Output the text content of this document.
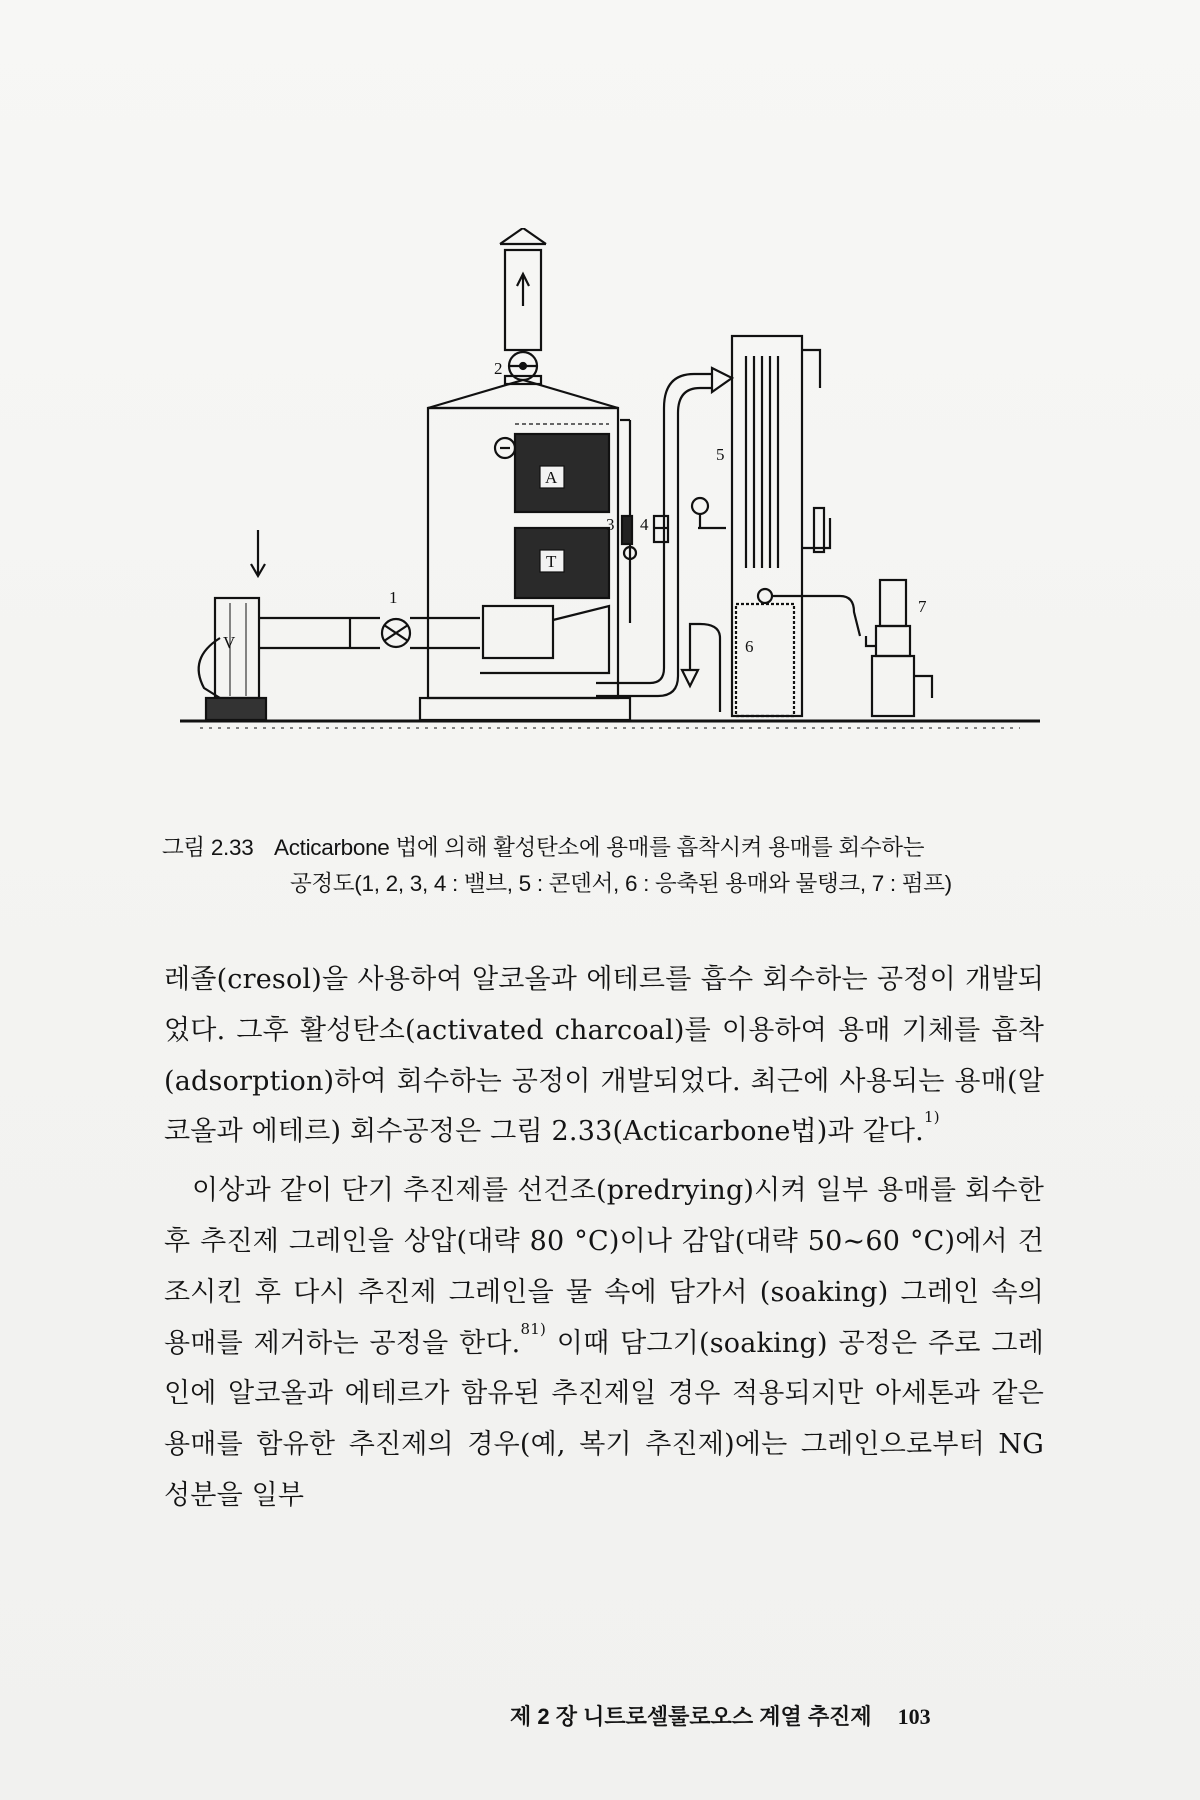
V
1
A
T
2
3 4
5
6
7
그림 2.33 Acticarbone 법에 의해 활성탄소에 용매를 흡착시켜 용매를 회수하는
공정도(1, 2, 3, 4 : 밸브, 5 : 콘덴서, 6 : 응축된 용매와 물탱크, 7 : 펌프)

레졸(cresol)을 사용하여 알코올과 에테르를 흡수 회수하는 공정이 개발되었다. 그후 활성탄소(activated charcoal)를 이용하여 용매 기체를 흡착(adsorption)하여 회수하는 공정이 개발되었다. 최근에 사용되는 용매(알코올과 에테르) 회수공정은 그림 2.33(Acticarbone법)과 같다.$^{1)}$

이상과 같이 단기 추진제를 선건조(predrying)시켜 일부 용매를 회수한 후 추진제 그레인을 상압(대략 80 °C)이나 감압(대략 50∼60 °C)에서 건조시킨 후 다시 추진제 그레인을 물 속에 담가서 (soaking) 그레인 속의 용매를 제거하는 공정을 한다.$^{81)}$ 이때 담그기(soaking) 공정은 주로 그레인에 알코올과 에테르가 함유된 추진제일 경우 적용되지만 아세톤과 같은 용매를 함유한 추진제의 경우(예, 복기 추진제)에는 그레인으로부터 NG 성분을 일부

제 2 장 니트로셀룰로오스 계열 추진제 103
